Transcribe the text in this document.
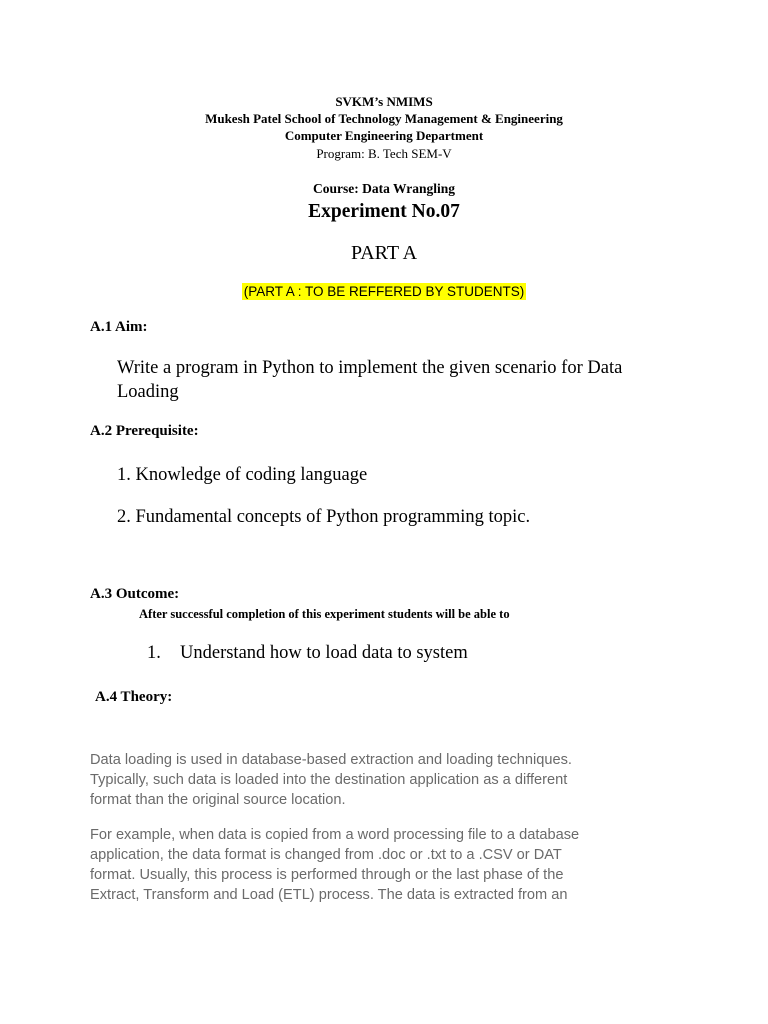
SVKM’s NMIMS
Mukesh Patel School of Technology Management & Engineering
Computer Engineering Department
Program: B. Tech SEM-V
Course: Data Wrangling
Experiment No.07
PART A
(PART A : TO BE REFFERED BY STUDENTS)
A.1 Aim:
Write a program in Python to implement the given scenario for Data
Loading
A.2 Prerequisite:
1. Knowledge of coding language
2. Fundamental concepts of Python programming topic.
A.3 Outcome:
After successful completion of this experiment students will be able to
1. Understand how to load data to system
A.4 Theory:
Data loading is used in database-based extraction and loading techniques.
Typically, such data is loaded into the destination application as a different
format than the original source location.
For example, when data is copied from a word processing file to a database
application, the data format is changed from .doc or .txt to a .CSV or DAT
format. Usually, this process is performed through or the last phase of the
Extract, Transform and Load (ETL) process. The data is extracted from an
